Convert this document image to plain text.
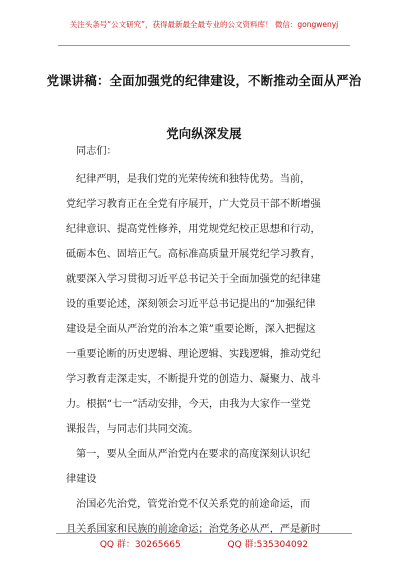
关注头条号“公文研究”，获得最新最全最专业的公文资料库！ 微信：gongwenyj
党课讲稿：全面加强党的纪律建设，不断推动全面从严治
党向纵深发展
同志们：
纪律严明，是我们党的光荣传统和独特优势。当前，
党纪学习教育正在全党有序展开，广大党员干部不断增强
纪律意识、提高党性修养，用党规党纪校正思想和行动，
砥砺本色、固培正气。高标准高质量开展党纪学习教育，
就要深入学习贯彻习近平总书记关于全面加强党的纪律建
设的重要论述，深刻领会习近平总书记提出的“加强纪律
建设是全面从严治党的治本之策”重要论断，深入把握这
一重要论断的历史逻辑、理论逻辑、实践逻辑，推动党纪
学习教育走深走实，不断提升党的创造力、凝聚力、战斗
力。根据“七一”活动安排，今天，由我为大家作一堂党
课报告，与同志们共同交流。
第一，要从全面从严治党内在要求的高度深刻认识纪
律建设
治国必先治党，管党治党不仅关系党的前途命运，而
且关系国家和民族的前途命运；治党务必从严，严是新时
QQ 群：30265665	QQ 群:535304092
